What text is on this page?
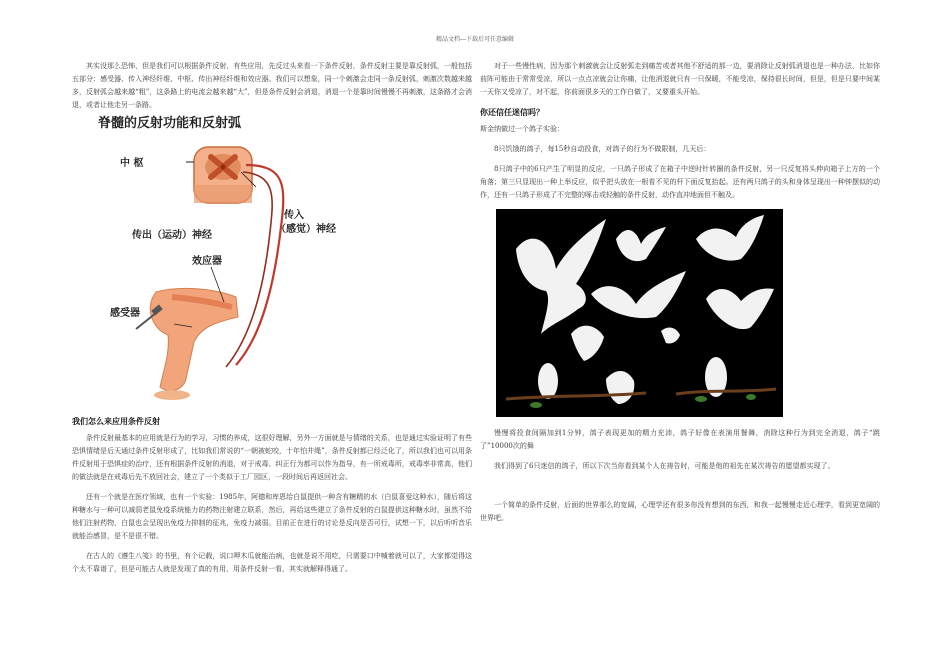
精品文档---下载后可任意编辑

其实没那么恐怖，但是我们可以根据条件反射，有些应用，先反过头来看一下条件反射，条件反射主要是靠反射弧，一般包括五部分：感受器、传入神经纤维、中枢、传出神经纤维和效应器。我们可以想象，同一个刺激会走同一条反射弧，刺激次数越来越多，反射弧会越来越“粗”，这条路上的电流会越来越“大”，但是条件反射会消退，消退一个是靠时间慢慢不再刺激，这条路才会消退，或者让他走另一条路。

脊髓的反射功能和反射弧
中 枢
传入
（感觉）神经
传出（运动）神经
效应器
感受器
我们怎么来应用条件反射

条件反射最基本的应用就是行为的学习，习惯的养成，这很好理解，另外一方面就是与情绪的关系，也是通过实验证明了有些恐惧情绪是后天通过条件反射形成了，比如我们常说的“一朝被蛇咬，十年怕井绳”，条件反射都已经泛化了，所以我们也可以用条件反射用于恐惧症的治疗，还有根据条件反射的消退，对于戒毒、纠正行为都可以作为指导，有一所戒毒所，戒毒率非常高，他们的做法就是在戒毒后先不放回社会，建立了一个类似于工厂园区，一段时间后再返回社会。

还有一个就是在医疗领域，也有一个实验：1985年，阿德和库恩给白鼠提供一种含有糖精的水（白鼠喜爱这种水），随后将这种糖水与一种可以减弱老鼠免疫系统能力的药物注射建立联系，然后，再给这些建立了条件反射的白鼠提供这种糖水时，虽然不给他们注射药物，白鼠也会呈现出免疫力抑制的征兆，免疫力减弱。目前正在进行的讨论是反向是否可行，试想一下，以后听听音乐就能治感冒，是不是很不错。

在古人的《遵生八笺》的书里，有个记载，说口呷木瓜就能治病，也就是说不用吃，只需要口中喊着就可以了，大家都觉得这个太不靠谱了，但是可能古人就是发现了真的有用，用条件反射一看，其实就解释得通了。

对于一些慢性病，因为那个刺激就会让反射弧走到痛苦或者其他不舒适的那一边，要消除让反射弧消退也是一种办法，比如你前阵可能由于常常受凉，所以一点点凉就会让你痛，让他消退就只有一只保暖，不能受凉，保持很长时间，但是，但是只要中间某一天你又受凉了，对不起，你前面很多天的工作白做了，又要重头开始。

你还信任迷信吗？

斯金纳做过一个鸽子实验：

8只饥饿的鸽子，每15秒自动投食，对鸽子的行为不做限制，几天后：

8只鸽子中的6只产生了明显的反应，一只鸽子形成了在箱子中逆时针转圈的条件反射，另一只反复将头伸向箱子上方的一个角落；第三只显现出一种上举反应，似乎把头放在一根看不见的杆下面反复抬起。还有两只鸽子的头和身体呈现出一种钟摆似的动作，还有一只鸽子形成了不完整的啄击或轻触的条件反射，动作直冲地面但不触及。

慢慢将投食间隔加到1分钟，鸽子表现更加的精力充沛，鸽子好像在表演用餐舞，消除这种行为到完全消退，鸽子“跳了”10000次的舞

我们得到了6只迷信的鸽子，所以下次当你看到某个人在祷告时，可能是他的祖先在某次祷告的愿望都实现了。

一个简单的条件反射，后面的世界那么的宽阔，心理学还有很多你没有想到的东西，和我一起慢慢走近心理学，看到更宽阔的世界吧。
